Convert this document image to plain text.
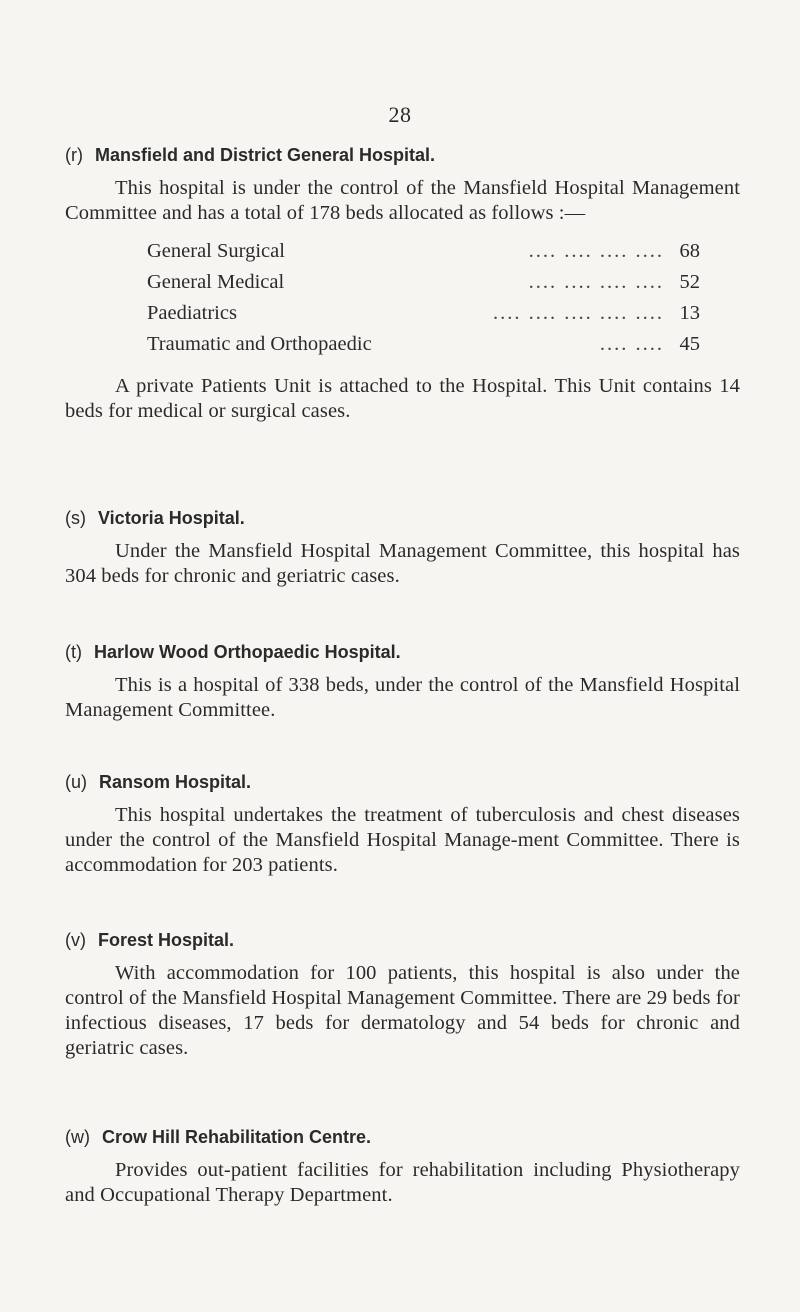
28
(r) Mansfield and District General Hospital.

This hospital is under the control of the Mansfield Hospital Management Committee and has a total of 178 beds allocated as follows :—

General Surgical	.... .... .... .... 68
General Medical	.... .... .... .... 52
Paediatrics	.... .... .... .... .... 13
Traumatic and Orthopaedic	.... .... 45

A private Patients Unit is attached to the Hospital. This Unit contains 14 beds for medical or surgical cases.

(s) Victoria Hospital.

Under the Mansfield Hospital Management Committee, this hospital has 304 beds for chronic and geriatric cases.

(t) Harlow Wood Orthopaedic Hospital.

This is a hospital of 338 beds, under the control of the Mansfield Hospital Management Committee.

(u) Ransom Hospital.

This hospital undertakes the treatment of tuberculosis and chest diseases under the control of the Mansfield Hospital Manage-ment Committee. There is accommodation for 203 patients.

(v) Forest Hospital.

With accommodation for 100 patients, this hospital is also under the control of the Mansfield Hospital Management Committee. There are 29 beds for infectious diseases, 17 beds for dermatology and 54 beds for chronic and geriatric cases.

(w) Crow Hill Rehabilitation Centre.

Provides out-patient facilities for rehabilitation including Physiotherapy and Occupational Therapy Department.
